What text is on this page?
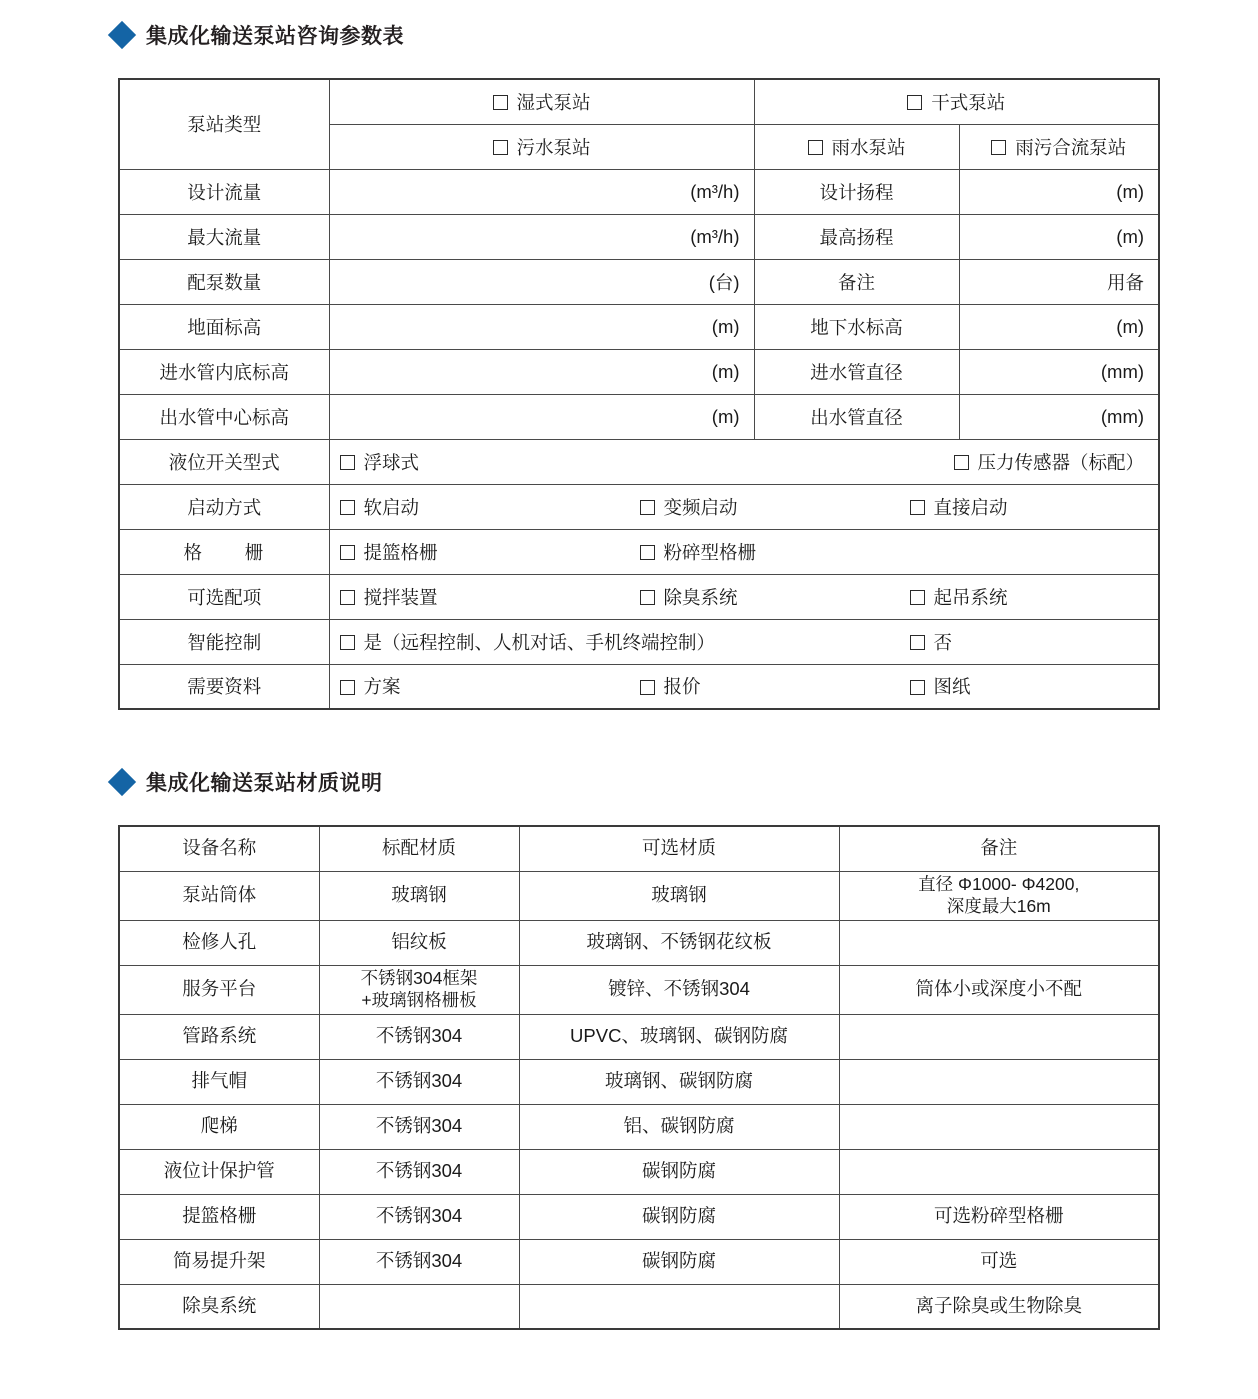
集成化输送泵站咨询参数表
泵站类型	湿式泵站	干式泵站	

	污水泵站	雨水泵站	雨污合流泵站

设计流量	(m³/h)	设计扬程	(m)
最大流量	(m³/h)	最高扬程	(m)
配泵数量	(台)	备注	用备
地面标高	(m)	地下水标高	(m)
进水管内底标高	(m)	进水管直径	(mm)
出水管中心标高	(m)	出水管直径	(mm)
液位开关型式	浮球式 压力传感器（标配）		

启动方式	软启动 变频启动 直接启动		

格　　栅	提篮格栅 粉碎型格栅		

可选配项	搅拌装置 除臭系统 起吊系统		

智能控制	是（远程控制、人机对话、手机终端控制） 否		

需要资料	方案 报价 图纸		
集成化输送泵站材质说明
设备名称	标配材质	可选材质	备注
泵站筒体	玻璃钢	玻璃钢	直径 Φ1000- Φ4200,
深度最大16m

检修人孔	铝纹板	玻璃钢、不锈钢花纹板	
服务平台	不锈钢304框架
+玻璃钢格栅板	镀锌、不锈钢304	筒体小或深度小不配
管路系统	不锈钢304	UPVC、玻璃钢、碳钢防腐	
排气帽	不锈钢304	玻璃钢、碳钢防腐	
爬梯	不锈钢304	铝、碳钢防腐	
液位计保护管	不锈钢304	碳钢防腐	
提篮格栅	不锈钢304	碳钢防腐	可选粉碎型格栅
简易提升架	不锈钢304	碳钢防腐	可选
除臭系统			离子除臭或生物除臭
